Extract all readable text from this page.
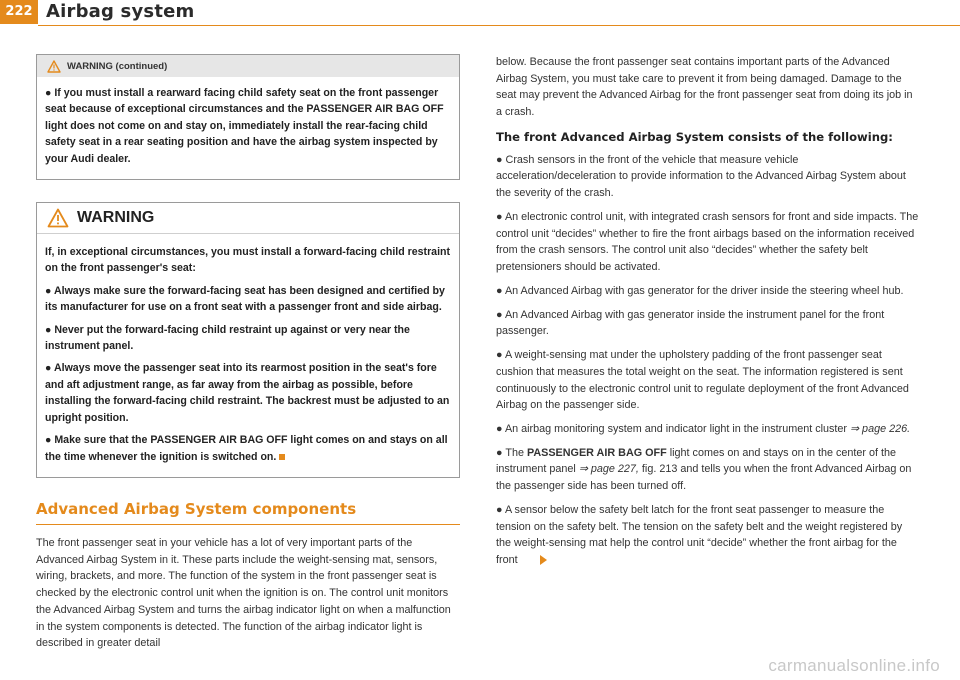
222 Airbag system
WARNING (continued)

● If you must install a rearward facing child safety seat on the front passenger seat because of exceptional circumstances and the PASSENGER AIR BAG OFF light does not come on and stay on, immediately install the rear-facing child safety seat in a rear seating position and have the airbag system inspected by your Audi dealer.

WARNING

If, in exceptional circumstances, you must install a forward-facing child restraint on the front passenger's seat:

● Always make sure the forward-facing seat has been designed and certified by its manufacturer for use on a front seat with a passenger front and side airbag.

● Never put the forward-facing child restraint up against or very near the instrument panel.

● Always move the passenger seat into its rearmost position in the seat's fore and aft adjustment range, as far away from the airbag as possible, before installing the forward-facing child restraint. The backrest must be adjusted to an upright position.

● Make sure that the PASSENGER AIR BAG OFF light comes on and stays on all the time whenever the ignition is switched on.

Advanced Airbag System components

The front passenger seat in your vehicle has a lot of very important parts of the Advanced Airbag System in it. These parts include the weight-sensing mat, sensors, wiring, brackets, and more. The function of the system in the front passenger seat is checked by the electronic control unit when the ignition is on. The control unit monitors the Advanced Airbag System and turns the airbag indicator light on when a malfunction in the system components is detected. The function of the airbag indicator light is described in greater detail

below. Because the front passenger seat contains important parts of the Advanced Airbag System, you must take care to prevent it from being damaged. Damage to the seat may prevent the Advanced Airbag for the front passenger seat from doing its job in a crash.

The front Advanced Airbag System consists of the following:

● Crash sensors in the front of the vehicle that measure vehicle acceleration/deceleration to provide information to the Advanced Airbag System about the severity of the crash.

● An electronic control unit, with integrated crash sensors for front and side impacts. The control unit “decides” whether to fire the front airbags based on the information received from the crash sensors. The control unit also “decides” whether the safety belt pretensioners should be activated.

● An Advanced Airbag with gas generator for the driver inside the steering wheel hub.

● An Advanced Airbag with gas generator inside the instrument panel for the front passenger.

● A weight-sensing mat under the upholstery padding of the front passenger seat cushion that measures the total weight on the seat. The information registered is sent continuously to the electronic control unit to regulate deployment of the front Advanced Airbag on the passenger side.

● An airbag monitoring system and indicator light in the instrument cluster ⇒ page 226.

● The PASSENGER AIR BAG OFF light comes on and stays on in the center of the instrument panel ⇒ page 227, fig. 213 and tells you when the front Advanced Airbag on the passenger side has been turned off.

● A sensor below the safety belt latch for the front seat passenger to measure the tension on the safety belt. The tension on the safety belt and the weight registered by the weight-sensing mat help the control unit “decide” whether the front airbag for the front

carmanualsonline.info
